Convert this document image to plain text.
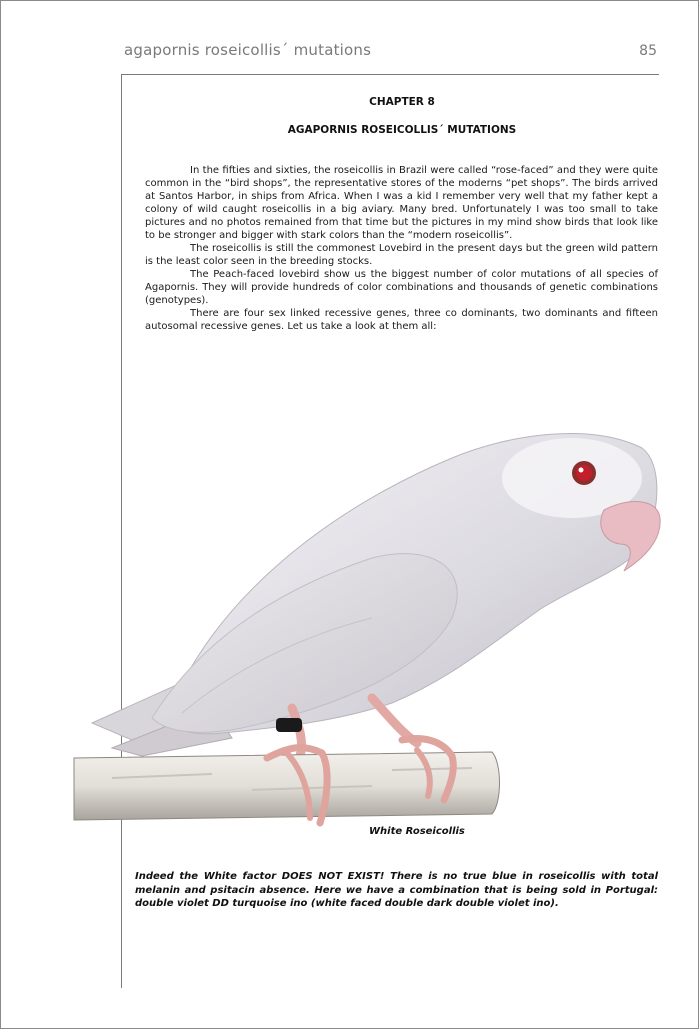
agapornis roseicollis´ mutations	85
CHAPTER 8
AGAPORNIS ROSEICOLLIS´ MUTATIONS

In the fifties and sixties, the roseicollis in Brazil were called “rose-faced” and they were quite common in the “bird shops”, the representative stores of the moderns “pet shops”. The birds arrived at Santos Harbor, in ships from Africa. When I was a kid I remember very well that my father kept a colony of wild caught roseicollis in a big aviary. Many bred. Unfortunately I was too small to take pictures and no photos remained from that time but the pictures in my mind show birds that look like to be stronger and bigger with stark colors than the “modern roseicollis”.

The roseicollis is still the commonest Lovebird in the present days but the green wild pattern is the least color seen in the breeding stocks.

The Peach-faced lovebird show us the biggest number of color mutations of all species of Agapornis. They will provide hundreds of color combinations and thousands of genetic combinations (genotypes).

There are four sex linked recessive genes, three co dominants, two dominants and fifteen autosomal recessive genes. Let us take a look at them all:

White Roseicollis
Indeed the White factor DOES NOT EXIST! There is no true blue in roseicollis with total melanin and psitacin absence. Here we have a combination that is being sold in Portugal: double violet DD turquoise ino (white faced double dark double violet ino).
